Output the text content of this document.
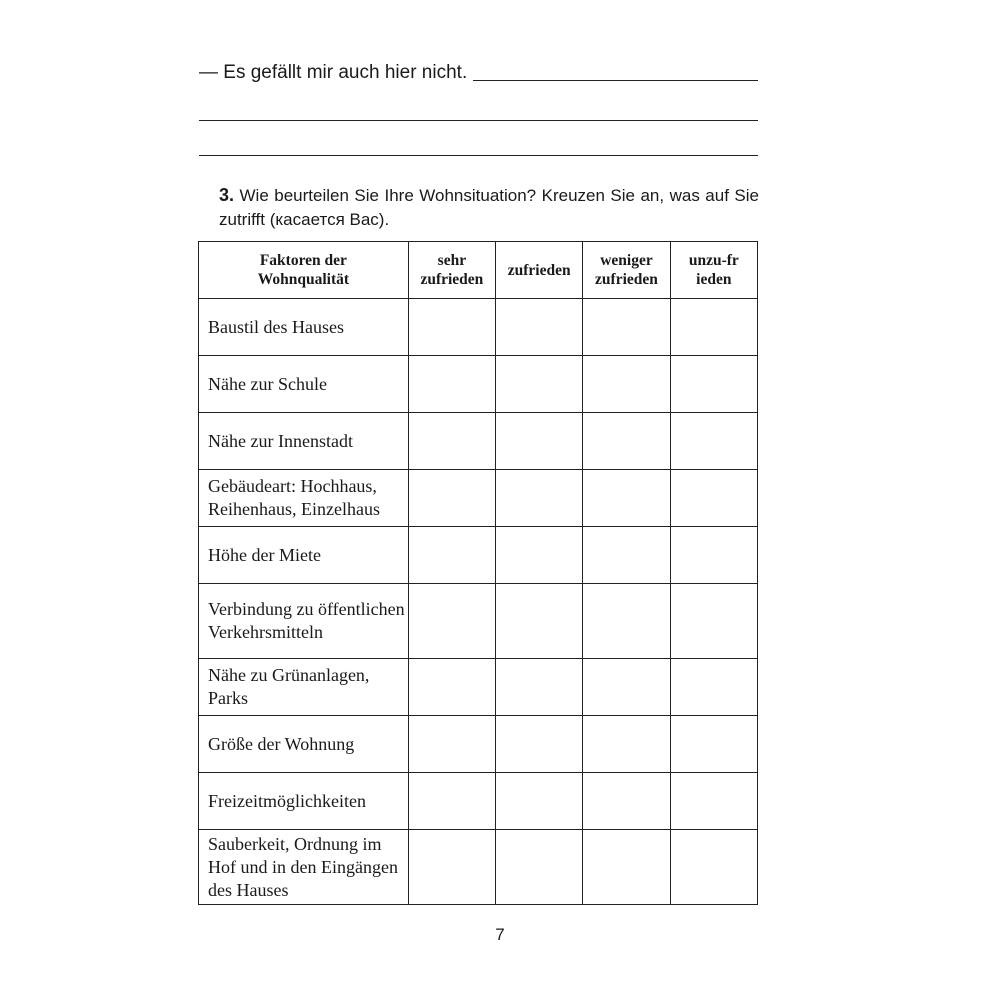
— Es gefällt mir auch hier nicht.
3. Wie beurteilen Sie Ihre Wohnsituation? Kreuzen Sie an, was auf Sie zutrifft (касается Вас).
Faktoren der Wohnqualität	sehr zufrieden	zufrieden	weniger zufrieden	unzu-frieden
Baustil des Hauses				
Nähe zur Schule				
Nähe zur Innenstadt				
Gebäudeart: Hochhaus, Reihenhaus, Einzelhaus				
Höhe der Miete				
Verbindung zu öffentlichen Verkehrsmitteln				
Nähe zu Grünanlagen, Parks				
Größe der Wohnung				
Freizeitmöglichkeiten				
Sauberkeit, Ordnung im Hof und in den Eingängen des Hauses				
7
